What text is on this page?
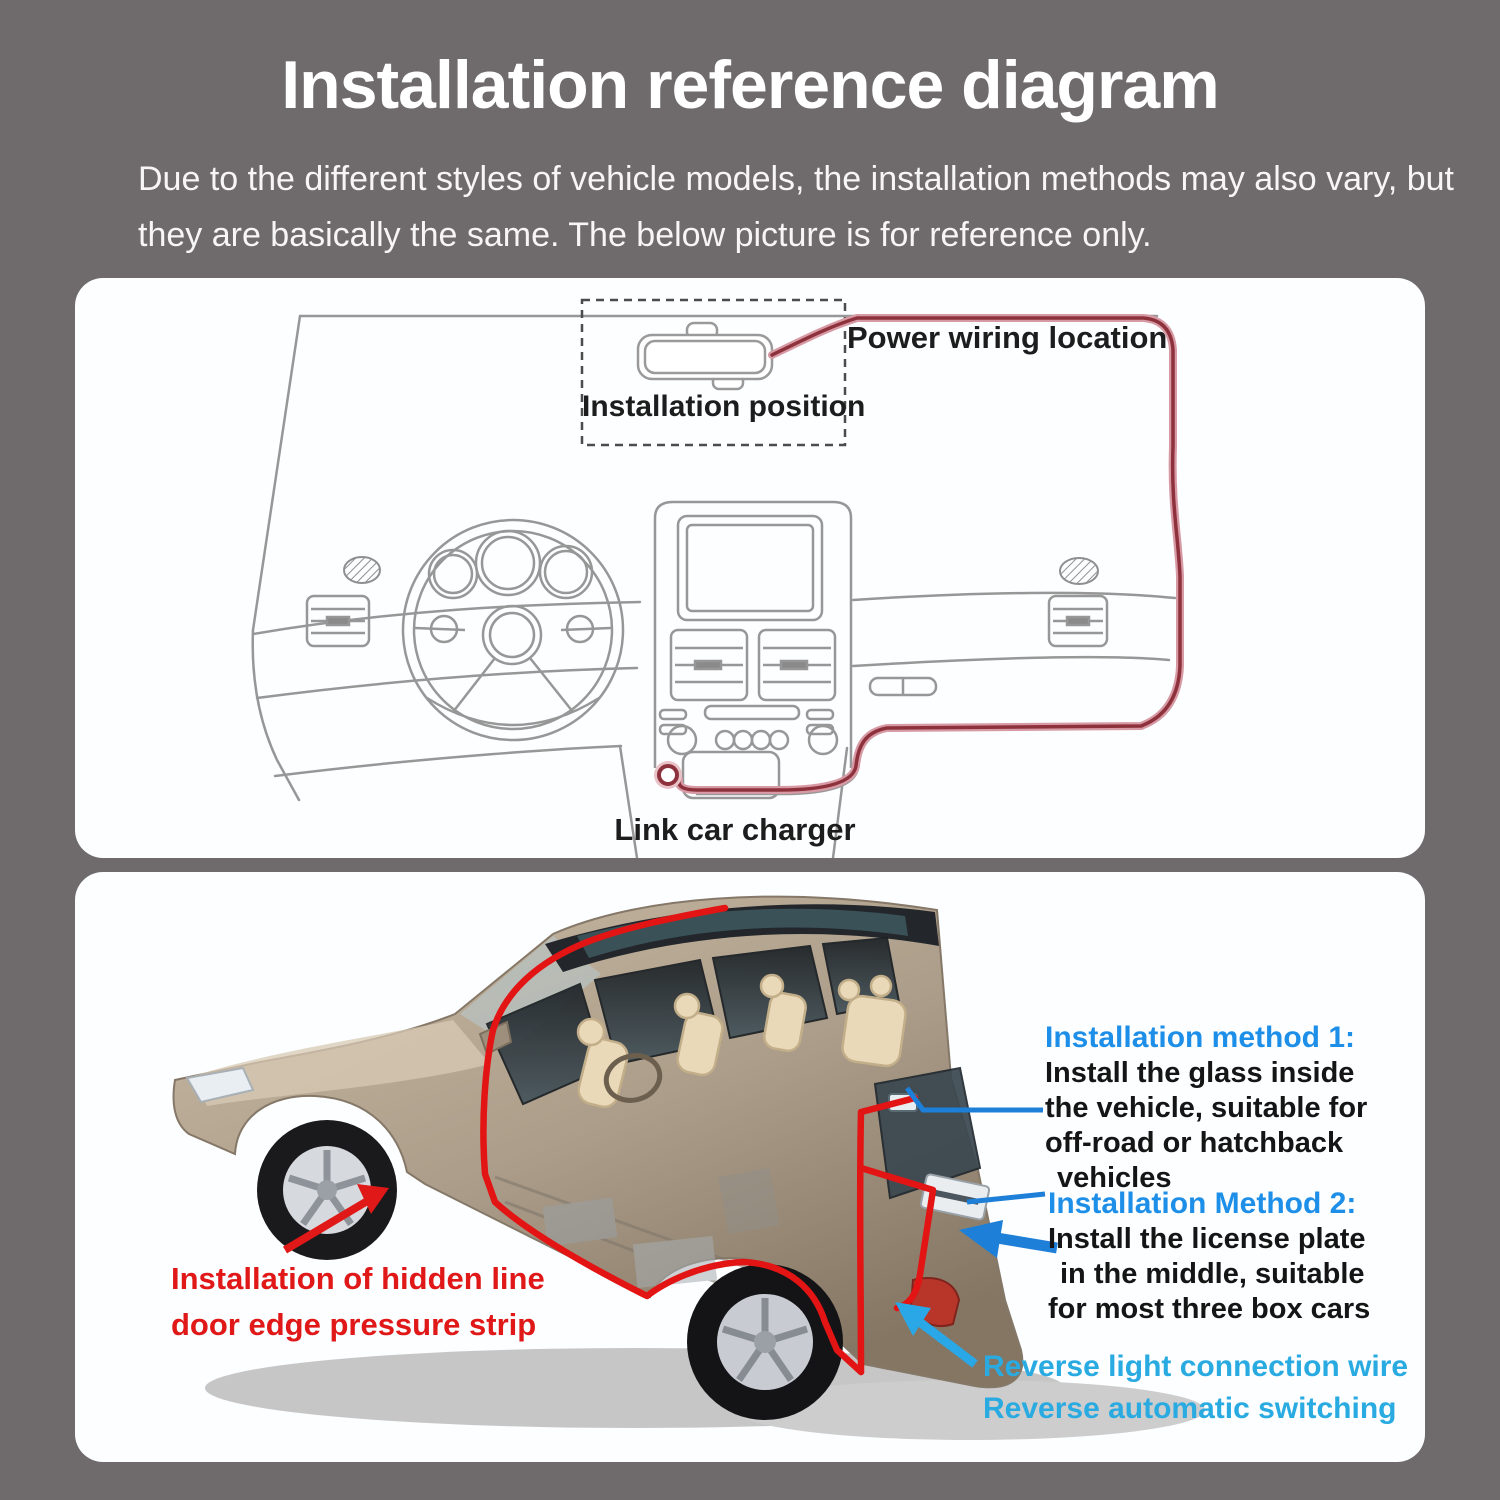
Installation reference diagram
Due to the different styles of vehicle models, the installation methods may also vary, but
they are basically the same. The below picture is for reference only.
Installation position
Power wiring location
Link car charger
Installation method 1:
Install the glass inside
the vehicle, suitable for
off-road or hatchback
vehicles
Installation Method 2:
Install the license plate
in the middle, suitable
for most three box cars
Installation of hidden line
door edge pressure strip
Reverse light connection wire
Reverse automatic switching
